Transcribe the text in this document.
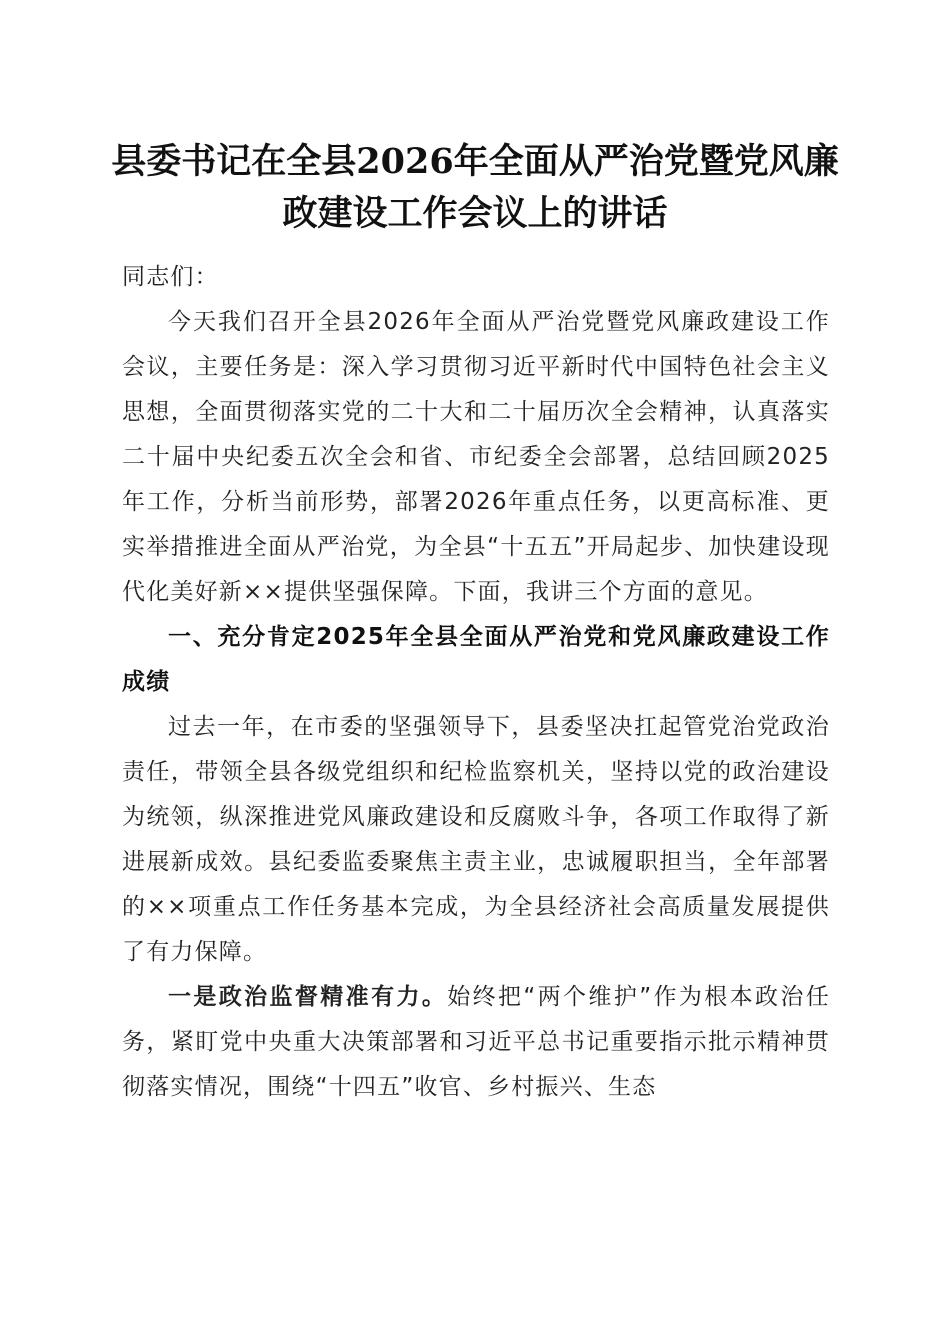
县委书记在全县2026年全面从严治党暨党风廉政建设工作会议上的讲话

同志们：

今天我们召开全县2026年全面从严治党暨党风廉政建设工作会议，主要任务是：深入学习贯彻习近平新时代中国特色社会主义思想，全面贯彻落实党的二十大和二十届历次全会精神，认真落实二十届中央纪委五次全会和省、市纪委全会部署，总结回顾2025年工作，分析当前形势，部署2026年重点任务，以更高标准、更实举措推进全面从严治党，为全县“十五五”开局起步、加快建设现代化美好新××提供坚强保障。下面，我讲三个方面的意见。

一、充分肯定2025年全县全面从严治党和党风廉政建设工作成绩

过去一年，在市委的坚强领导下，县委坚决扛起管党治党政治责任，带领全县各级党组织和纪检监察机关，坚持以党的政治建设为统领，纵深推进党风廉政建设和反腐败斗争，各项工作取得了新进展新成效。县纪委监委聚焦主责主业，忠诚履职担当，全年部署的××项重点工作任务基本完成，为全县经济社会高质量发展提供了有力保障。

一是政治监督精准有力。始终把“两个维护”作为根本政治任务，紧盯党中央重大决策部署和习近平总书记重要指示批示精神贯彻落实情况，围绕“十四五”收官、乡村振兴、生态
